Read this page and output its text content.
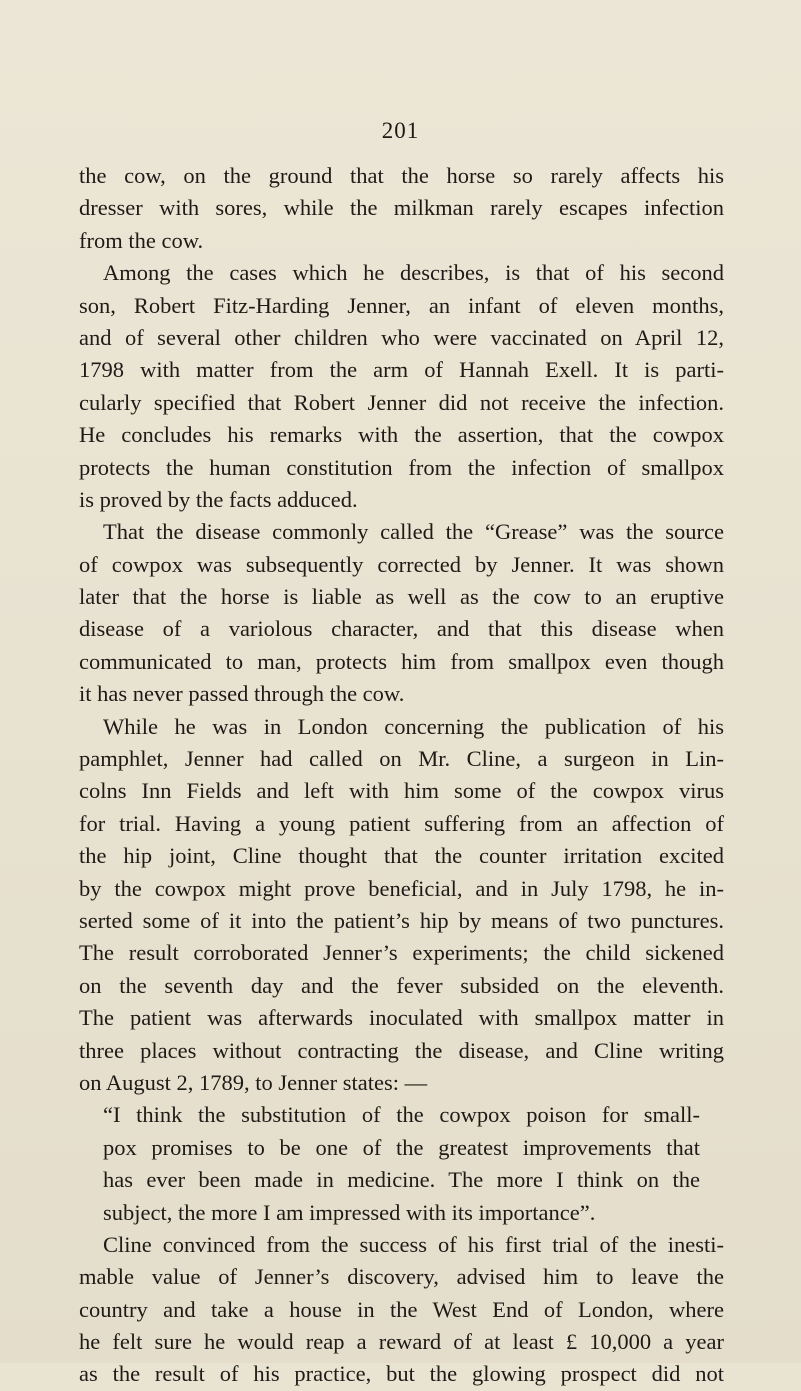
201
the cow, on the ground that the horse so rarely affects his
dresser with sores, while the milkman rarely escapes infection
from the cow.
Among the cases which he describes, is that of his second
son, Robert Fitz-Harding Jenner, an infant of eleven months,
and of several other children who were vaccinated on April 12,
1798 with matter from the arm of Hannah Exell. It is parti-
cularly specified that Robert Jenner did not receive the infection.
He concludes his remarks with the assertion, that the cowpox
protects the human constitution from the infection of smallpox
is proved by the facts adduced.
That the disease commonly called the “Grease” was the source
of cowpox was subsequently corrected by Jenner. It was shown
later that the horse is liable as well as the cow to an eruptive
disease of a variolous character, and that this disease when
communicated to man, protects him from smallpox even though
it has never passed through the cow.
While he was in London concerning the publication of his
pamphlet, Jenner had called on Mr. Cline, a surgeon in Lin-
colns Inn Fields and left with him some of the cowpox virus
for trial. Having a young patient suffering from an affection of
the hip joint, Cline thought that the counter irritation excited
by the cowpox might prove beneficial, and in July 1798, he in-
serted some of it into the patient’s hip by means of two punctures.
The result corroborated Jenner’s experiments; the child sickened
on the seventh day and the fever subsided on the eleventh.
The patient was afterwards inoculated with smallpox matter in
three places without contracting the disease, and Cline writing
on August 2, 1789, to Jenner states: —
“I think the substitution of the cowpox poison for small-
pox promises to be one of the greatest improvements that
has ever been made in medicine. The more I think on the
subject, the more I am impressed with its importance”.
Cline convinced from the success of his first trial of the inesti-
mable value of Jenner’s discovery, advised him to leave the
country and take a house in the West End of London, where
he felt sure he would reap a reward of at least £ 10,000 a year
as the result of his practice, but the glowing prospect did not
